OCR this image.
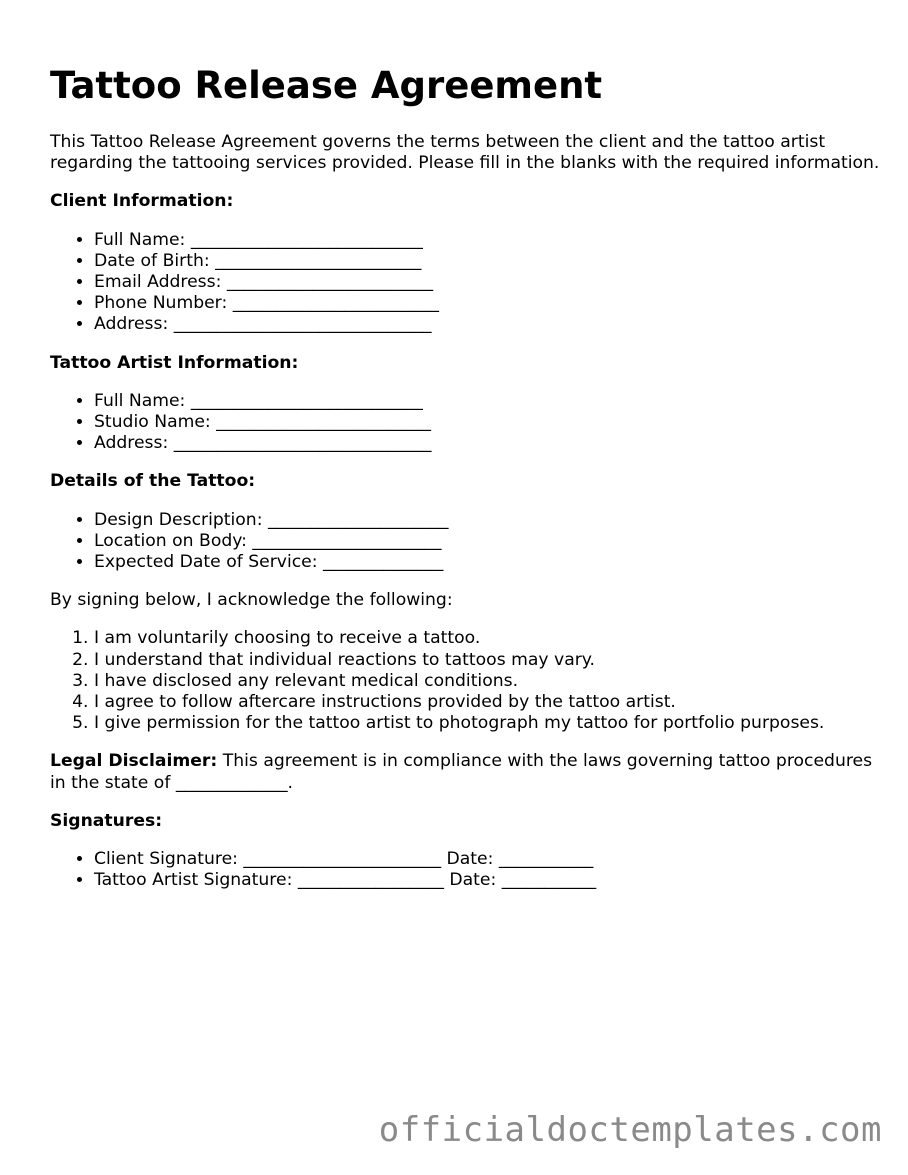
Tattoo Release Agreement

This Tattoo Release Agreement governs the terms between the client and the tattoo artist regarding the tattooing services provided. Please fill in the blanks with the required information.

Client Information:

• Full Name: ___________________________
• Date of Birth: ________________________
• Email Address: ________________________
• Phone Number: ________________________
• Address: ______________________________

Tattoo Artist Information:

• Full Name: ___________________________
• Studio Name: _________________________
• Address: ______________________________

Details of the Tattoo:

• Design Description: _____________________
• Location on Body: ______________________
• Expected Date of Service: ______________

By signing below, I acknowledge the following:

1. I am voluntarily choosing to receive a tattoo.
2. I understand that individual reactions to tattoos may vary.
3. I have disclosed any relevant medical conditions.
4. I agree to follow aftercare instructions provided by the tattoo artist.
5. I give permission for the tattoo artist to photograph my tattoo for portfolio purposes.

Legal Disclaimer: This agreement is in compliance with the laws governing tattoo procedures in the state of _____________.

Signatures:

• Client Signature: _______________________ Date: ___________
• Tattoo Artist Signature: _________________ Date: ___________
officialdoctemplates.com
